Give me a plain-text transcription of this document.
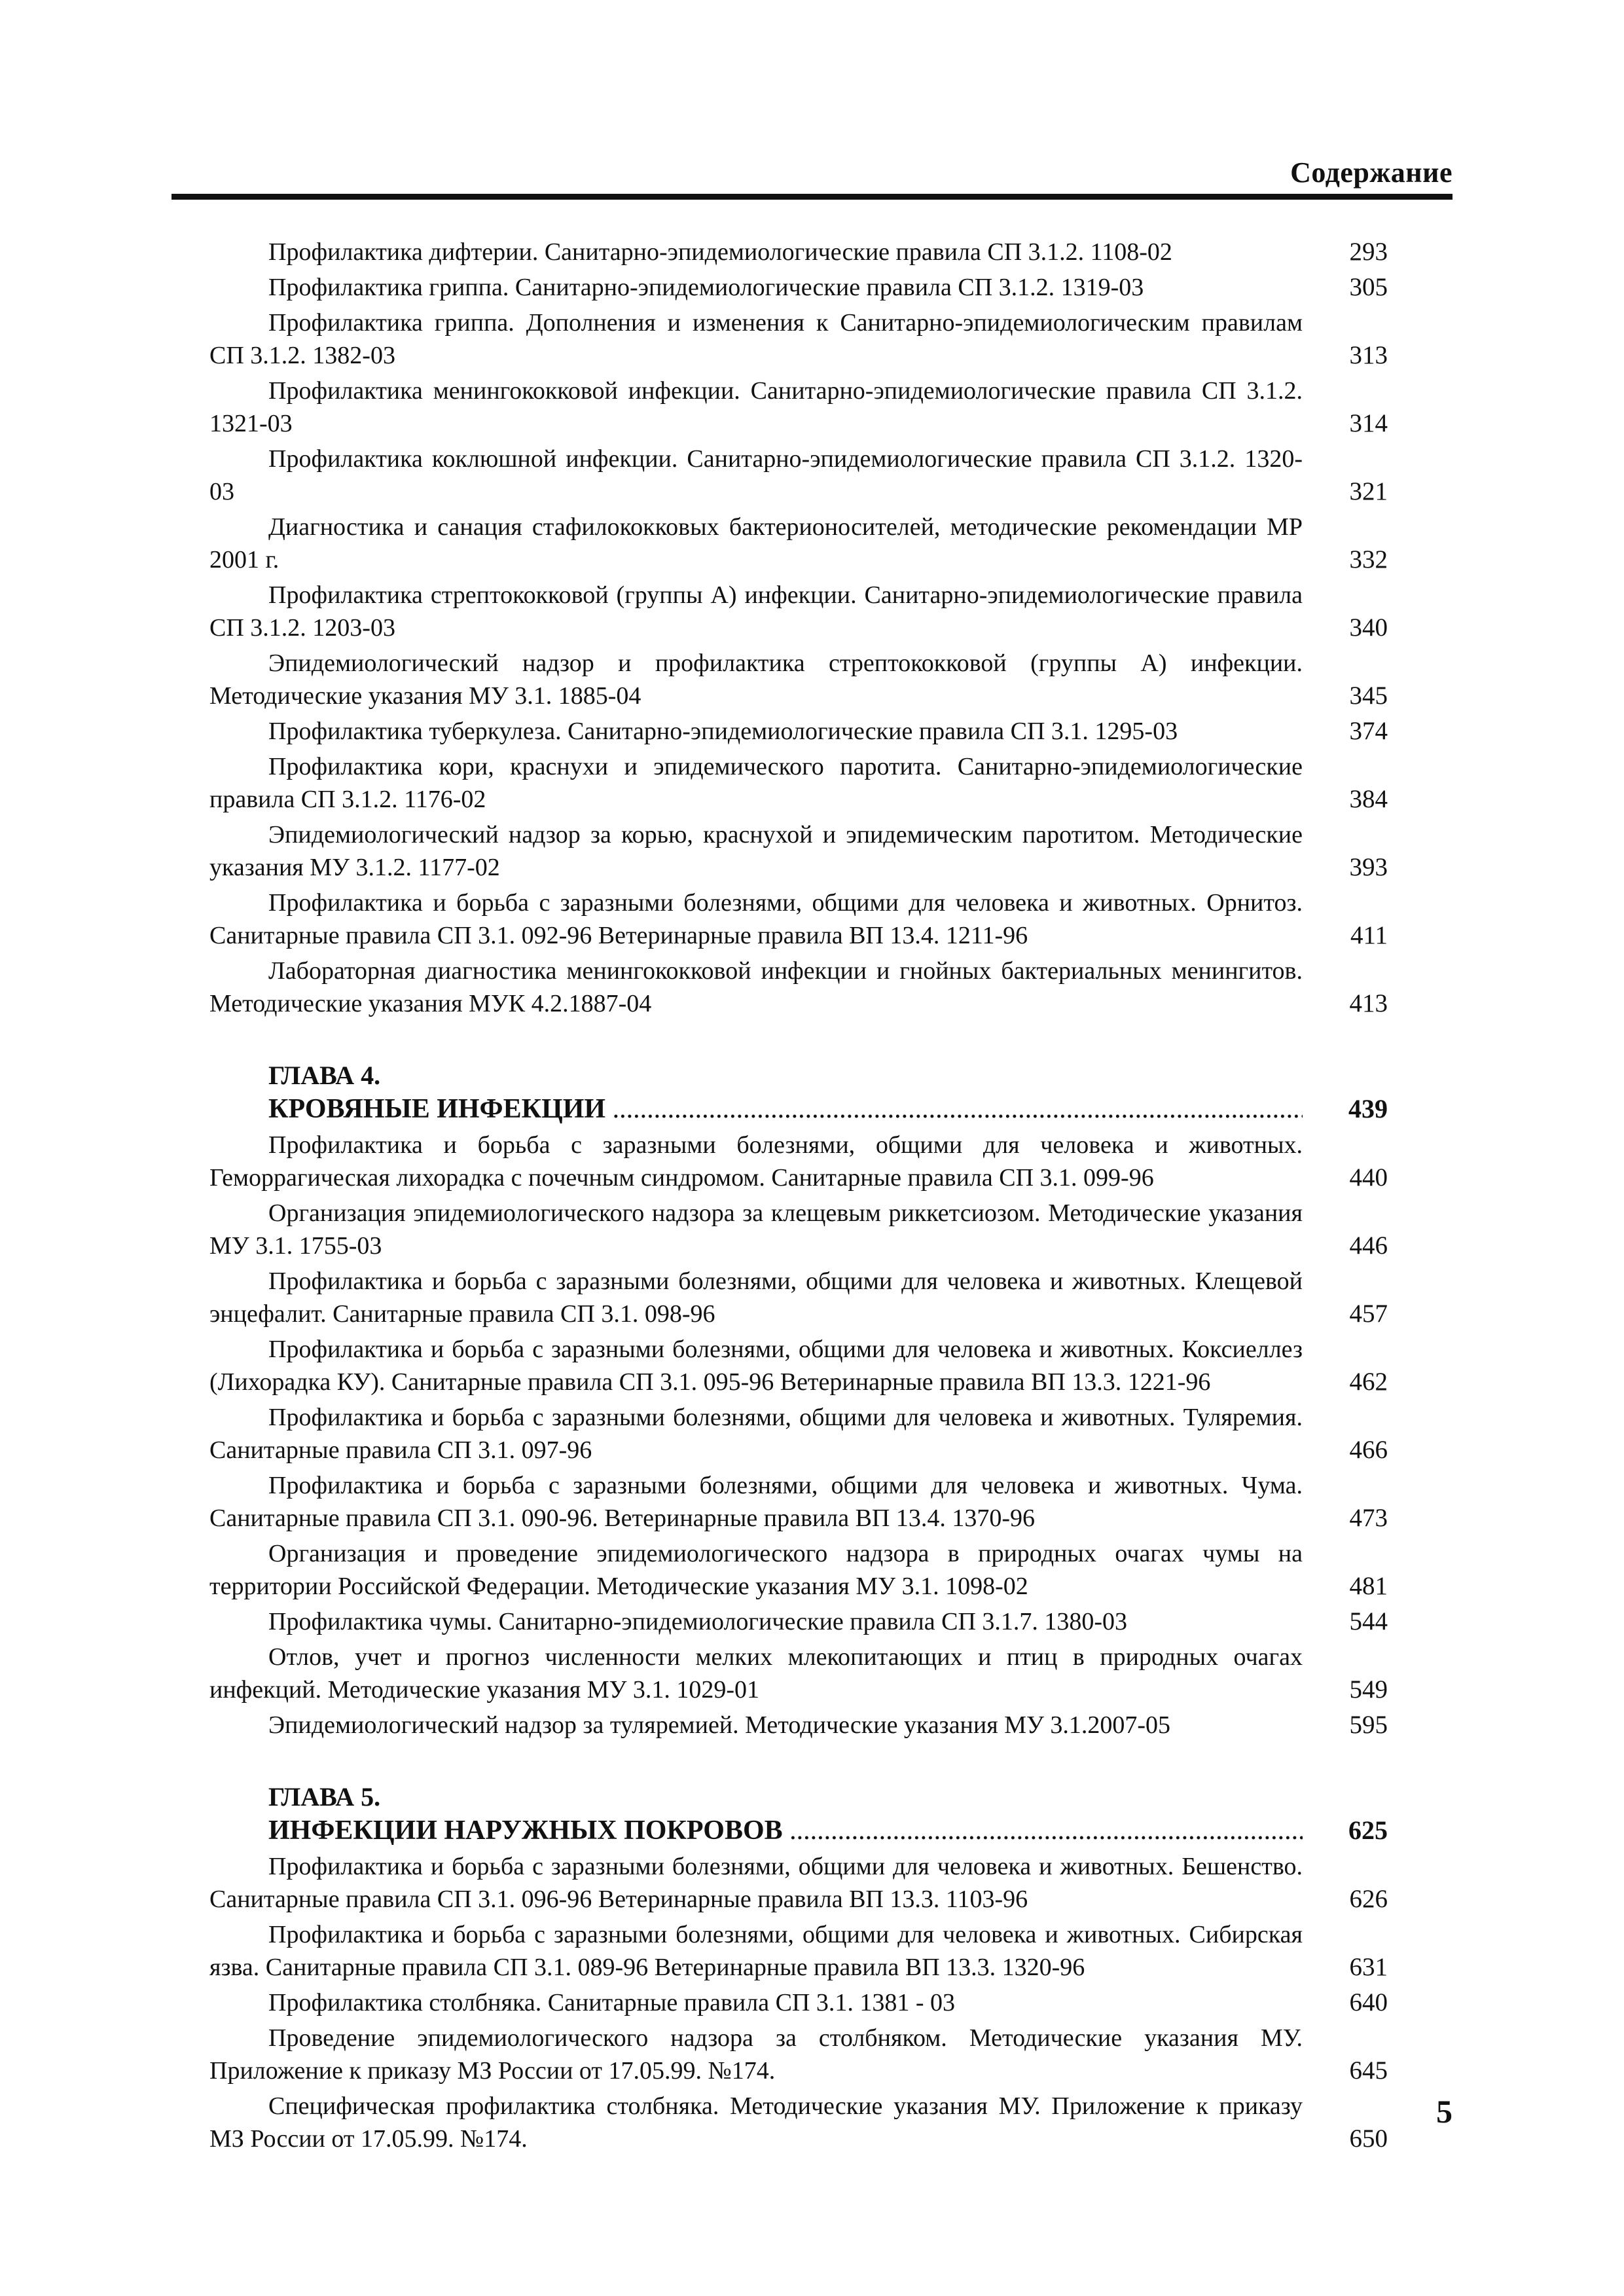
Содержание
Профилактика дифтерии. Санитарно-эпидемиологические правила СП 3.1.2. 1108-02	293
Профилактика гриппа. Санитарно-эпидемиологические правила СП 3.1.2. 1319-03	305
Профилактика гриппа. Дополнения и изменения к Санитарно-эпидемиологическим правилам СП 3.1.2. 1382-03	313
Профилактика менингококковой инфекции. Санитарно-эпидемиологические правила СП 3.1.2. 1321-03	314
Профилактика коклюшной инфекции. Санитарно-эпидемиологические правила СП 3.1.2. 1320-03	321
Диагностика и санация стафилококковых бактерионосителей, методические рекомендации МР 2001 г.	332
Профилактика стрептококковой (группы А) инфекции. Санитарно-эпидемиологические правила СП 3.1.2. 1203-03	340
Эпидемиологический надзор и профилактика стрептококковой (группы А) инфекции. Методические указания МУ 3.1. 1885-04	345
Профилактика туберкулеза. Санитарно-эпидемиологические правила СП 3.1. 1295-03	374
Профилактика кори, краснухи и эпидемического паротита. Санитарно-эпидемиологические правила СП 3.1.2. 1176-02	384
Эпидемиологический надзор за корью, краснухой и эпидемическим паротитом. Методические указания МУ 3.1.2. 1177-02	393
Профилактика и борьба с заразными болезнями, общими для человека и животных. Орнитоз. Санитарные правила СП 3.1. 092-96 Ветеринарные правила ВП 13.4. 1211-96	411
Лабораторная диагностика менингококковой инфекции и гнойных бактериальных менингитов. Методические указания МУК 4.2.1887-04	413
ГЛАВА 4.
КРОВЯНЫЕ ИНФЕКЦИИ .....	439
Профилактика и борьба с заразными болезнями, общими для человека и животных. Геморрагическая лихорадка с почечным синдромом. Санитарные правила СП 3.1. 099-96	440
Организация эпидемиологического надзора за клещевым риккетсиозом. Методические указания МУ 3.1. 1755-03	446
Профилактика и борьба с заразными болезнями, общими для человека и животных. Клещевой энцефалит. Санитарные правила СП 3.1. 098-96	457
Профилактика и борьба с заразными болезнями, общими для человека и животных. Коксиеллез (Лихорадка КУ). Санитарные правила СП 3.1. 095-96 Ветеринарные правила ВП 13.3. 1221-96	462
Профилактика и борьба с заразными болезнями, общими для человека и животных. Туляремия. Санитарные правила СП 3.1. 097-96	466
Профилактика и борьба с заразными болезнями, общими для человека и животных. Чума. Санитарные правила СП 3.1. 090-96. Ветеринарные правила ВП 13.4. 1370-96	473
Организация и проведение эпидемиологического надзора в природных очагах чумы на территории Российской Федерации. Методические указания МУ 3.1. 1098-02	481
Профилактика чумы. Санитарно-эпидемиологические правила СП 3.1.7. 1380-03	544
Отлов, учет и прогноз численности мелких млекопитающих и птиц в природных очагах инфекций. Методические указания МУ 3.1. 1029-01	549
Эпидемиологический надзор за туляремией. Методические указания МУ 3.1.2007-05	595
ГЛАВА 5.
ИНФЕКЦИИ НАРУЖНЫХ ПОКРОВОВ .....	625
Профилактика и борьба с заразными болезнями, общими для человека и животных. Бешенство. Санитарные правила СП 3.1. 096-96 Ветеринарные правила ВП 13.3. 1103-96	626
Профилактика и борьба с заразными болезнями, общими для человека и животных. Сибирская язва. Санитарные правила СП 3.1. 089-96 Ветеринарные правила ВП 13.3. 1320-96	631
Профилактика столбняка. Санитарные правила СП 3.1. 1381 - 03	640
Проведение эпидемиологического надзора за столбняком. Методические указания МУ. Приложение к приказу МЗ России от 17.05.99. №174.	645
Специфическая профилактика столбняка. Методические указания МУ. Приложение к приказу МЗ России от 17.05.99. №174.	650
5
